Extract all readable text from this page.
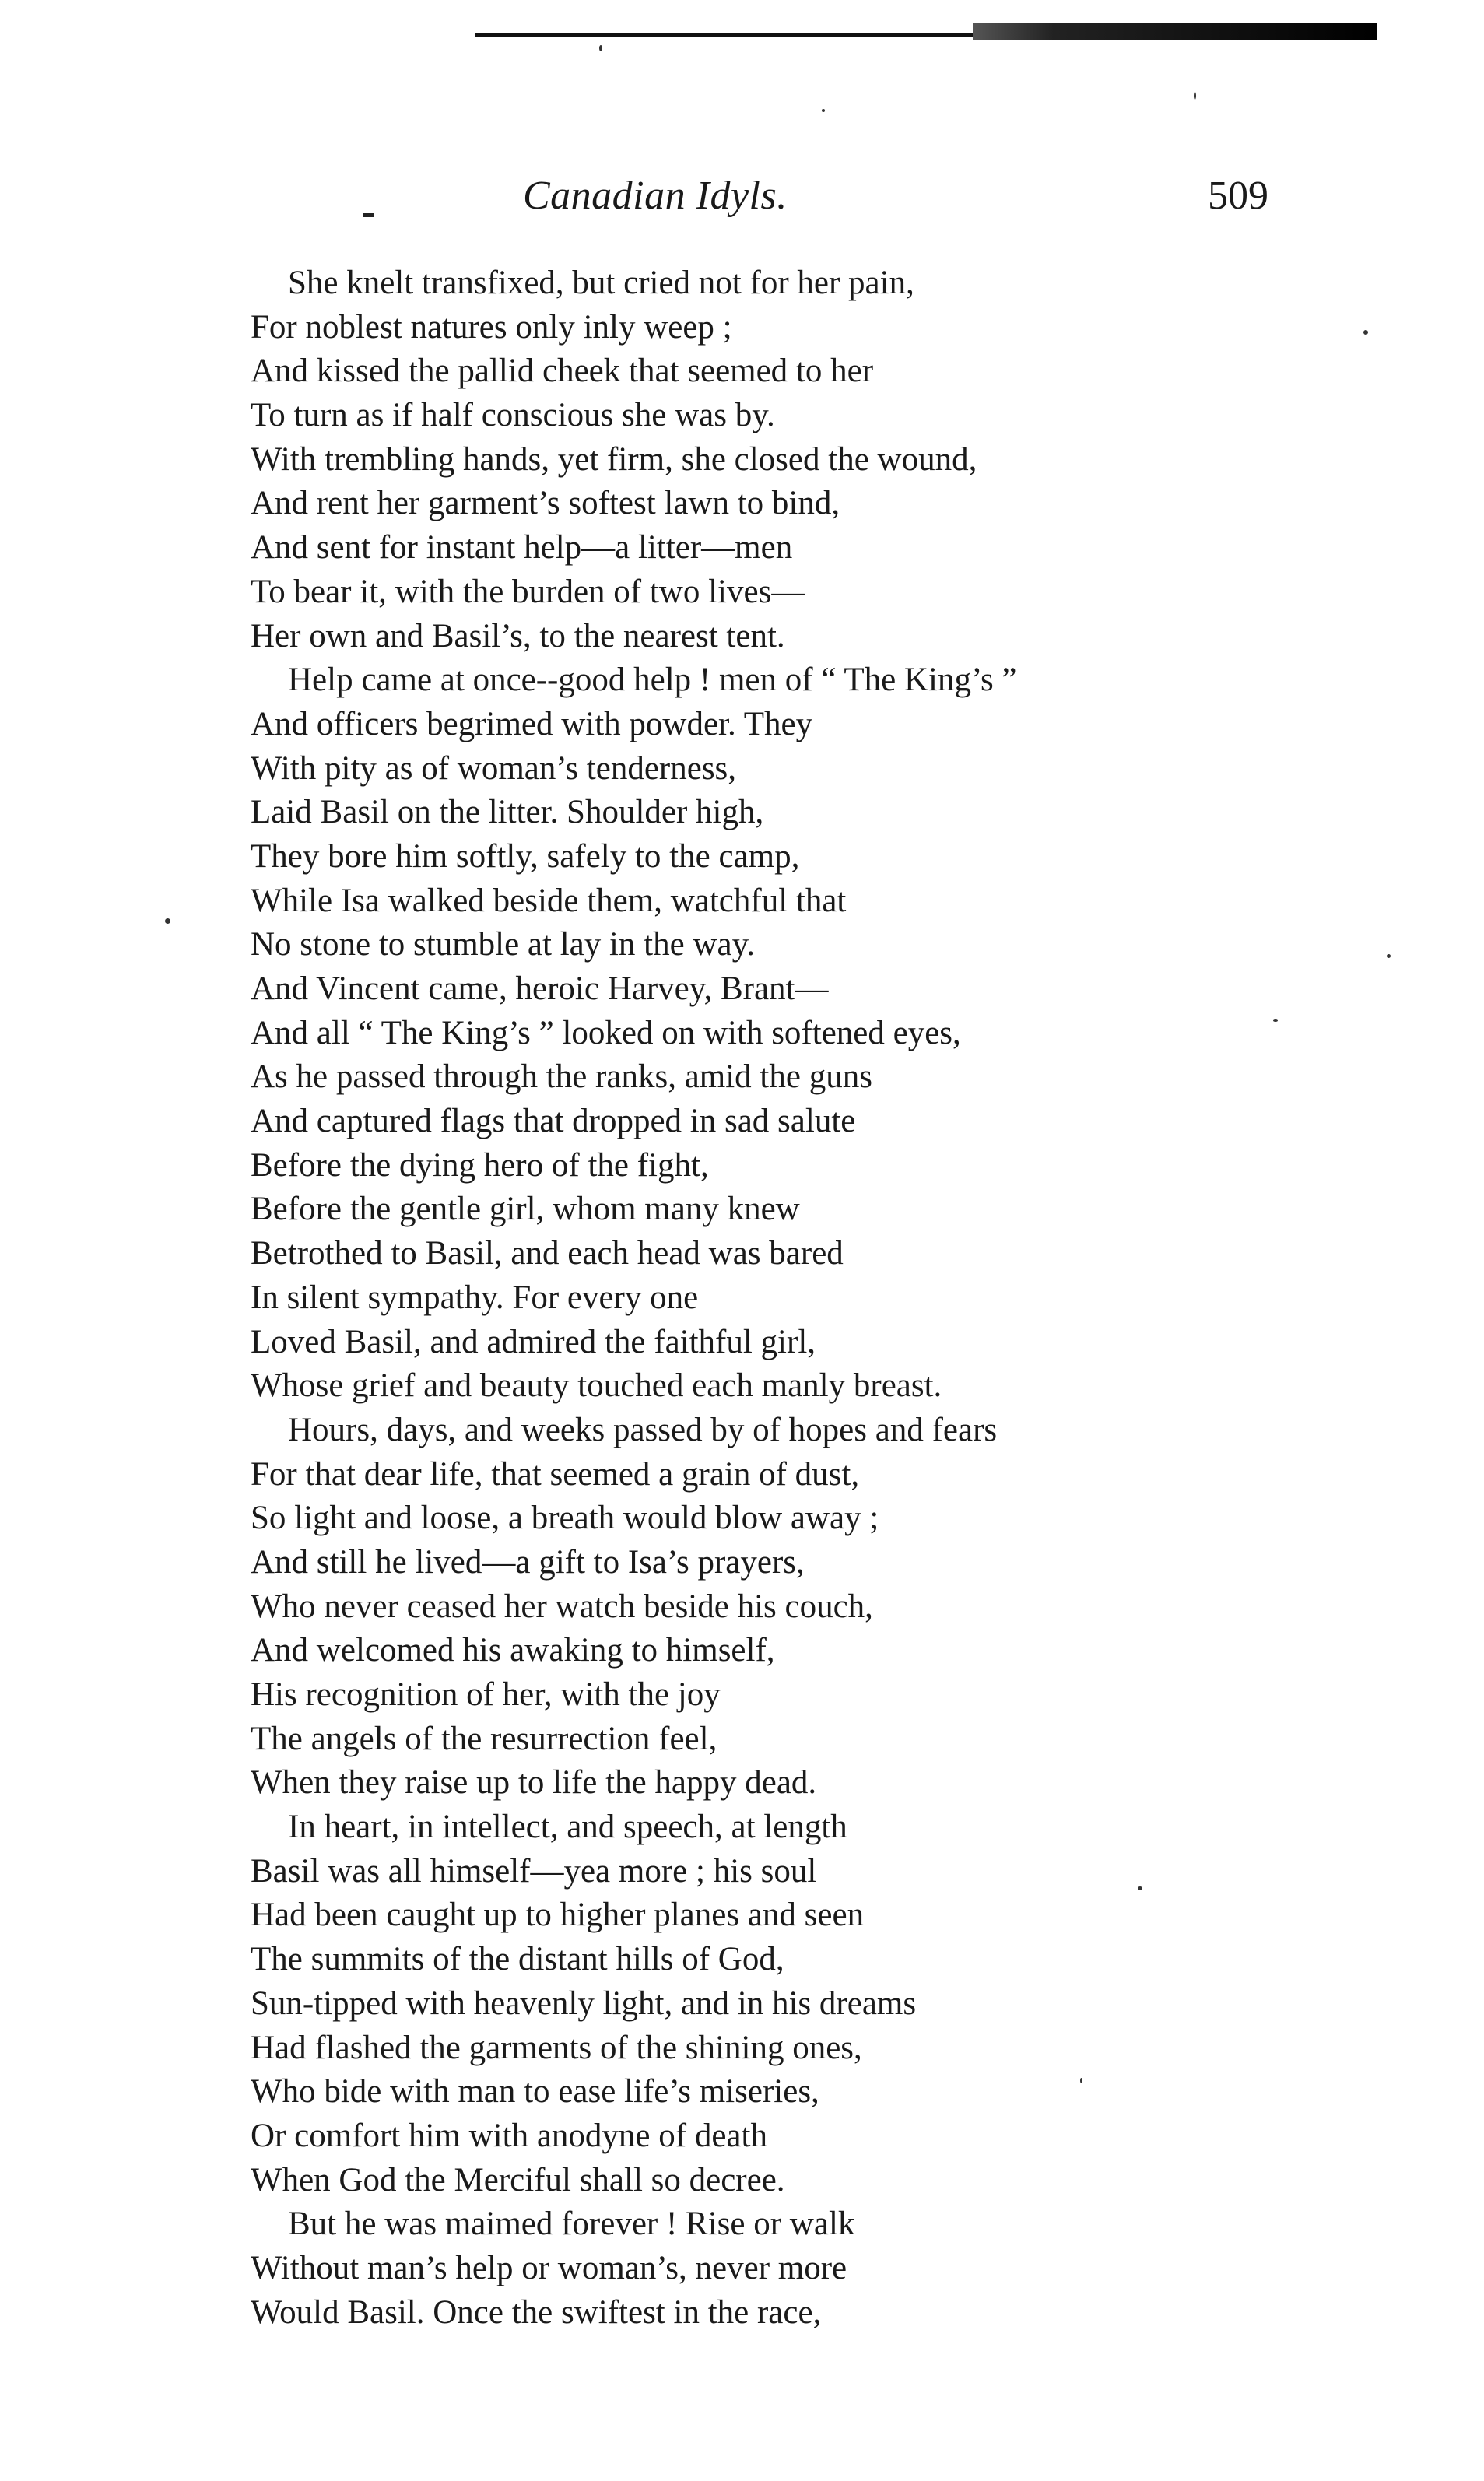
Canadian Idyls.	509
She knelt transfixed, but cried not for her pain,
For noblest natures only inly weep ;
And kissed the pallid cheek that seemed to her
To turn as if half conscious she was by.
With trembling hands, yet firm, she closed the wound,
And rent her garment’s softest lawn to bind,
And sent for instant help—a litter—men
To bear it, with the burden of two lives—
Her own and Basil’s, to the nearest tent.
Help came at once--good help ! men of “ The King’s ”
And officers begrimed with powder. They
With pity as of woman’s tenderness,
Laid Basil on the litter. Shoulder high,
They bore him softly, safely to the camp,
While Isa walked beside them, watchful that
No stone to stumble at lay in the way.
And Vincent came, heroic Harvey, Brant—
And all “ The King’s ” looked on with softened eyes,
As he passed through the ranks, amid the guns
And captured flags that dropped in sad salute
Before the dying hero of the fight,
Before the gentle girl, whom many knew
Betrothed to Basil, and each head was bared
In silent sympathy. For every one
Loved Basil, and admired the faithful girl,
Whose grief and beauty touched each manly breast.
Hours, days, and weeks passed by of hopes and fears
For that dear life, that seemed a grain of dust,
So light and loose, a breath would blow away ;
And still he lived—a gift to Isa’s prayers,
Who never ceased her watch beside his couch,
And welcomed his awaking to himself,
His recognition of her, with the joy
The angels of the resurrection feel,
When they raise up to life the happy dead.
In heart, in intellect, and speech, at length
Basil was all himself—yea more ; his soul
Had been caught up to higher planes and seen
The summits of the distant hills of God,
Sun-tipped with heavenly light, and in his dreams
Had flashed the garments of the shining ones,
Who bide with man to ease life’s miseries,
Or comfort him with anodyne of death
When God the Merciful shall so decree.
But he was maimed forever ! Rise or walk
Without man’s help or woman’s, never more
Would Basil. Once the swiftest in the race,
